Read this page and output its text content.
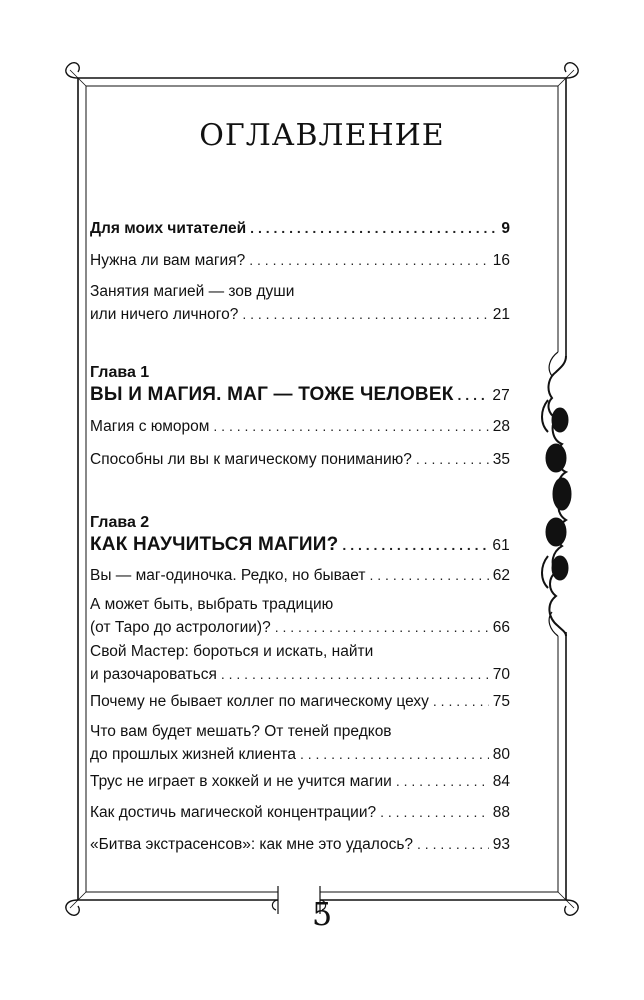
ОГЛАВЛЕНИЕ
Для моих читателей . . .	9
Нужна ли вам магия? . . .	16
Занятия магией — зов души
или ничего личного? . . .	21
Глава 1
ВЫ И МАГИЯ. МАГ — ТОЖЕ ЧЕЛОВЕК . . .	27
Магия с юмором . . .	28
Способны ли вы к магическому пониманию? . . .	35
Глава 2
КАК НАУЧИТЬСЯ МАГИИ? . . .	61
Вы — маг-одиночка. Редко, но бывает . . .	62
А может быть, выбрать традицию
(от Таро до астрологии)? . . .	66
Свой Мастер: бороться и искать, найти
и разочароваться . . .	70
Почему не бывает коллег по магическому цеху . . .	75
Что вам будет мешать? От теней предков
до прошлых жизней клиента . . .	80
Трус не играет в хоккей и не учится магии . . .	84
Как достичь магической концентрации? . . .	88
«Битва экстрасенсов»: как мне это удалось? . . .	93
5
